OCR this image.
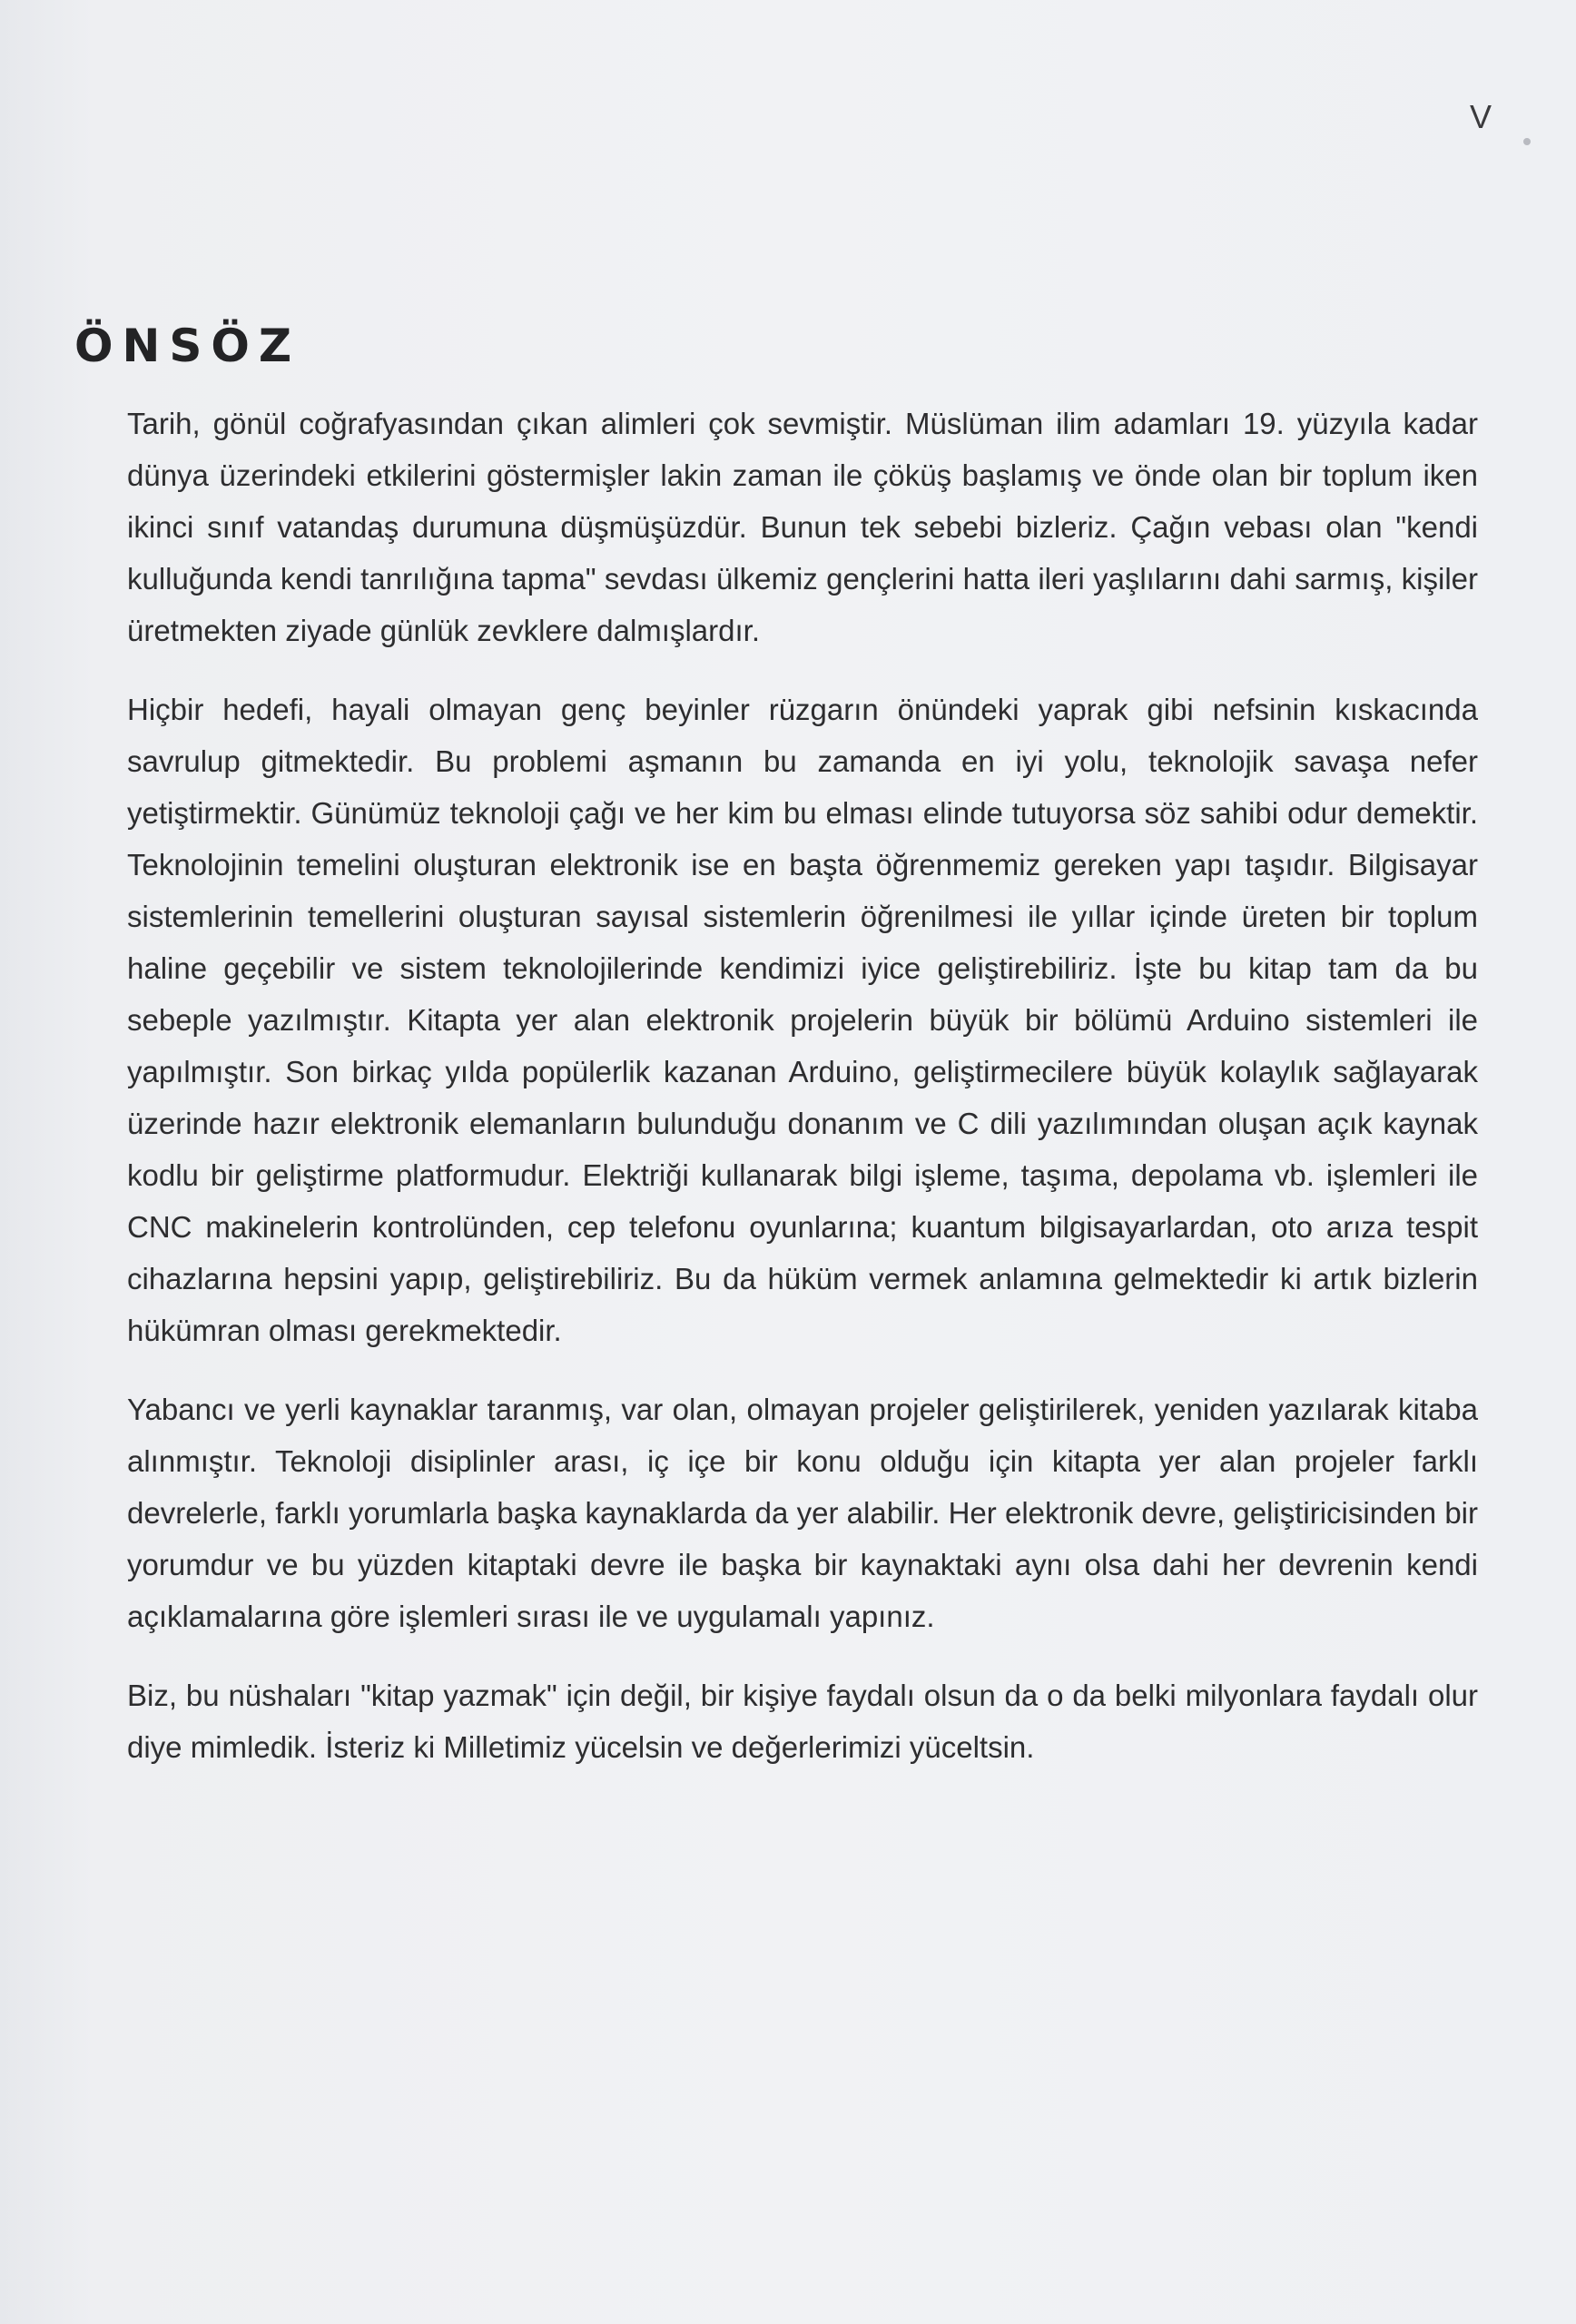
V
ÖNSÖZ

Tarih, gönül coğrafyasından çıkan alimleri çok sevmiştir. Müslüman ilim adamları 19. yüzyıla kadar dünya üzerindeki etkilerini göstermişler lakin zaman ile çöküş başlamış ve önde olan bir toplum iken ikinci sınıf vatandaş durumuna düşmüşüzdür. Bunun tek sebebi bizleriz. Çağın vebası olan "kendi kulluğunda kendi tanrılığına tapma" sevdası ülkemiz gençlerini hatta ileri yaşlılarını dahi sarmış, kişiler üretmekten ziyade günlük zevklere dalmışlardır.

Hiçbir hedefi, hayali olmayan genç beyinler rüzgarın önündeki yaprak gibi nefsinin kıskacında savrulup gitmektedir. Bu problemi aşmanın bu zamanda en iyi yolu, teknolojik savaşa nefer yetiştirmektir. Günümüz teknoloji çağı ve her kim bu elması elinde tutuyorsa söz sahibi odur demektir. Teknolojinin temelini oluşturan elektronik ise en başta öğrenmemiz gereken yapı taşıdır. Bilgisayar sistemlerinin temellerini oluşturan sayısal sistemlerin öğrenilmesi ile yıllar içinde üreten bir toplum haline geçebilir ve sistem teknolojilerinde kendimizi iyice geliştirebiliriz. İşte bu kitap tam da bu sebeple yazılmıştır. Kitapta yer alan elektronik projelerin büyük bir bölümü Arduino sistemleri ile yapılmıştır. Son birkaç yılda popülerlik kazanan Arduino, geliştirmecilere büyük kolaylık sağlayarak üzerinde hazır elektronik elemanların bulunduğu donanım ve C dili yazılımından oluşan açık kaynak kodlu bir geliştirme platformudur. Elektriği kullanarak bilgi işleme, taşıma, depolama vb. işlemleri ile CNC makinelerin kontrolünden, cep telefonu oyunlarına; kuantum bilgisayarlardan, oto arıza tespit cihazlarına hepsini yapıp, geliştirebiliriz. Bu da hüküm vermek anlamına gelmektedir ki artık bizlerin hükümran olması gerekmektedir.

Yabancı ve yerli kaynaklar taranmış, var olan, olmayan projeler geliştirilerek, yeniden yazılarak kitaba alınmıştır. Teknoloji disiplinler arası, iç içe bir konu olduğu için kitapta yer alan projeler farklı devrelerle, farklı yorumlarla başka kaynaklarda da yer alabilir. Her elektronik devre, geliştiricisinden bir yorumdur ve bu yüzden kitaptaki devre ile başka bir kaynaktaki aynı olsa dahi her devrenin kendi açıklamalarına göre işlemleri sırası ile ve uygulamalı yapınız.

Biz, bu nüshaları "kitap yazmak" için değil, bir kişiye faydalı olsun da o da belki milyonlara faydalı olur diye mimledik. İsteriz ki Milletimiz yücelsin ve değerlerimizi yüceltsin.
